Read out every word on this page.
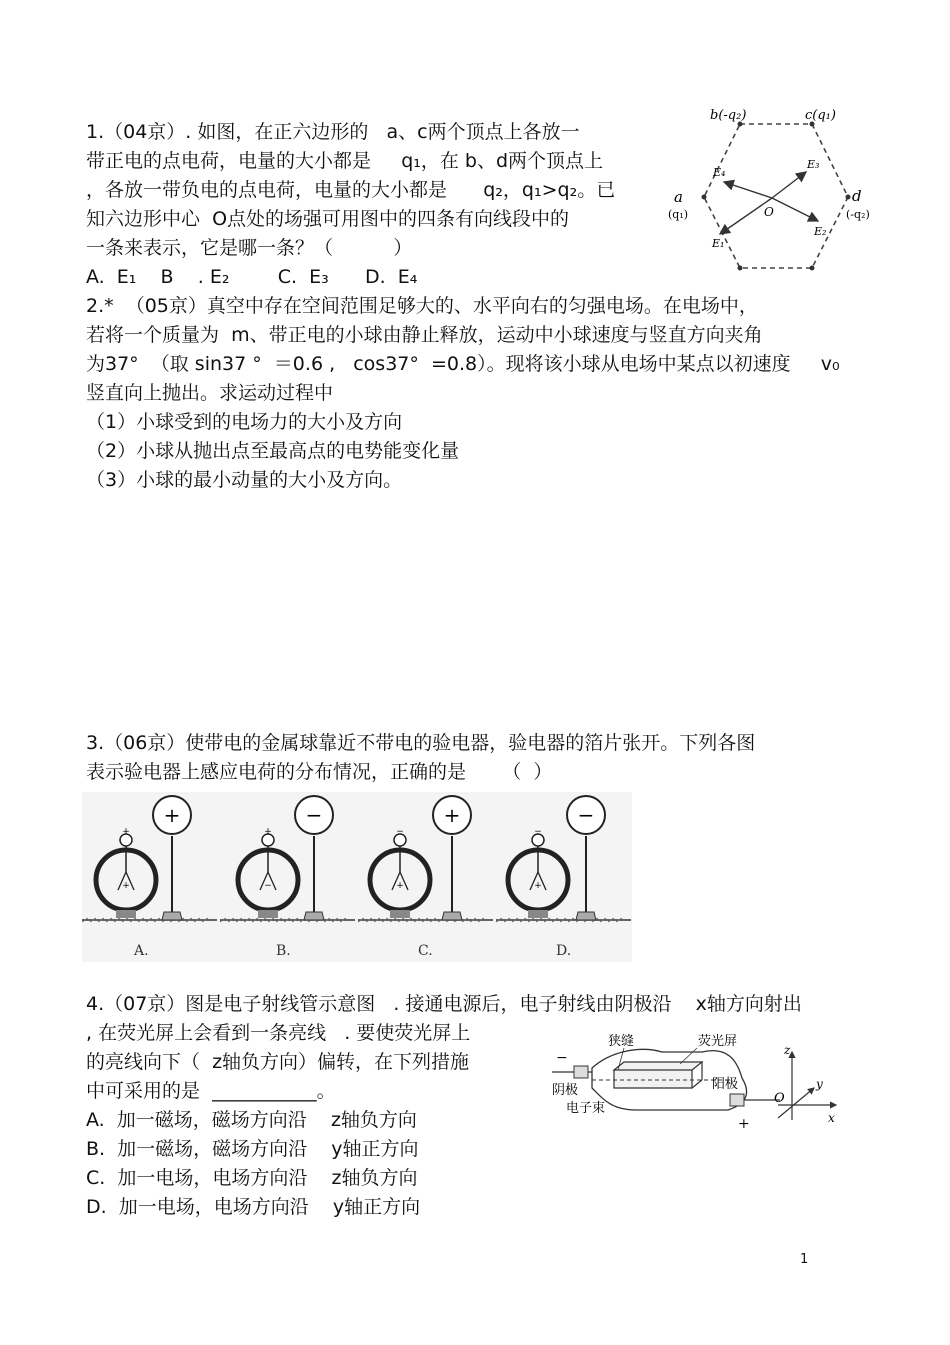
1.（04京）. 如图，在正六边形的   a、c两个顶点上各放一
带正电的点电荷，电量的大小都是     q₁，在 b、d两个顶点上
，各放一带负电的点电荷，电量的大小都是      q₂，q₁>q₂。已
知六边形中心  O点处的场强可用图中的四条有向线段中的
一条来表示，它是哪一条？（          ）
A.  E₁    B    . E₂        C.  E₃      D.  E₄
b(-q₂)	c(q₁)
a
(q₁)
d
(-q₂)
O
E₁
E₂
E₃
E₄
2.*  （05京）真空中存在空间范围足够大的、水平向右的匀强电场。在电场中，
若将一个质量为  m、带正电的小球由静止释放，运动中小球速度与竖直方向夹角
为37°  （取 sin37 °  ＝0.6 ,   cos37°  =0.8）。现将该小球从电场中某点以初速度     v₀
竖直向上抛出。求运动过程中
（1）小球受到的电场力的大小及方向
（2）小球从抛出点至最高点的电势能变化量
（3）小球的最小动量的大小及方向。
3.（06京）使带电的金属球靠近不带电的验电器，验电器的箔片张开。下列各图
表示验电器上感应电荷的分布情况，正确的是      （  ）
+
+
+
A.
−
+
−
B.
+
−
+
C.
−
−
+
D.
4.（07京）图是电子射线管示意图   . 接通电源后，电子射线由阴极沿    x轴方向射出
, 在荧光屏上会看到一条亮线   . 要使荧光屏上
的亮线向下（  z轴负方向）偏转，在下列措施
中可采用的是  ___________。
A.  加一磁场，磁场方向沿    z轴负方向
B.  加一磁场，磁场方向沿    y轴正方向
C.  加一电场，电场方向沿    z轴负方向
D.  加一电场，电场方向沿    y轴正方向
狭缝	荧光屏
阴极
电子束
阳极
−
+
z
y
x
O
1
